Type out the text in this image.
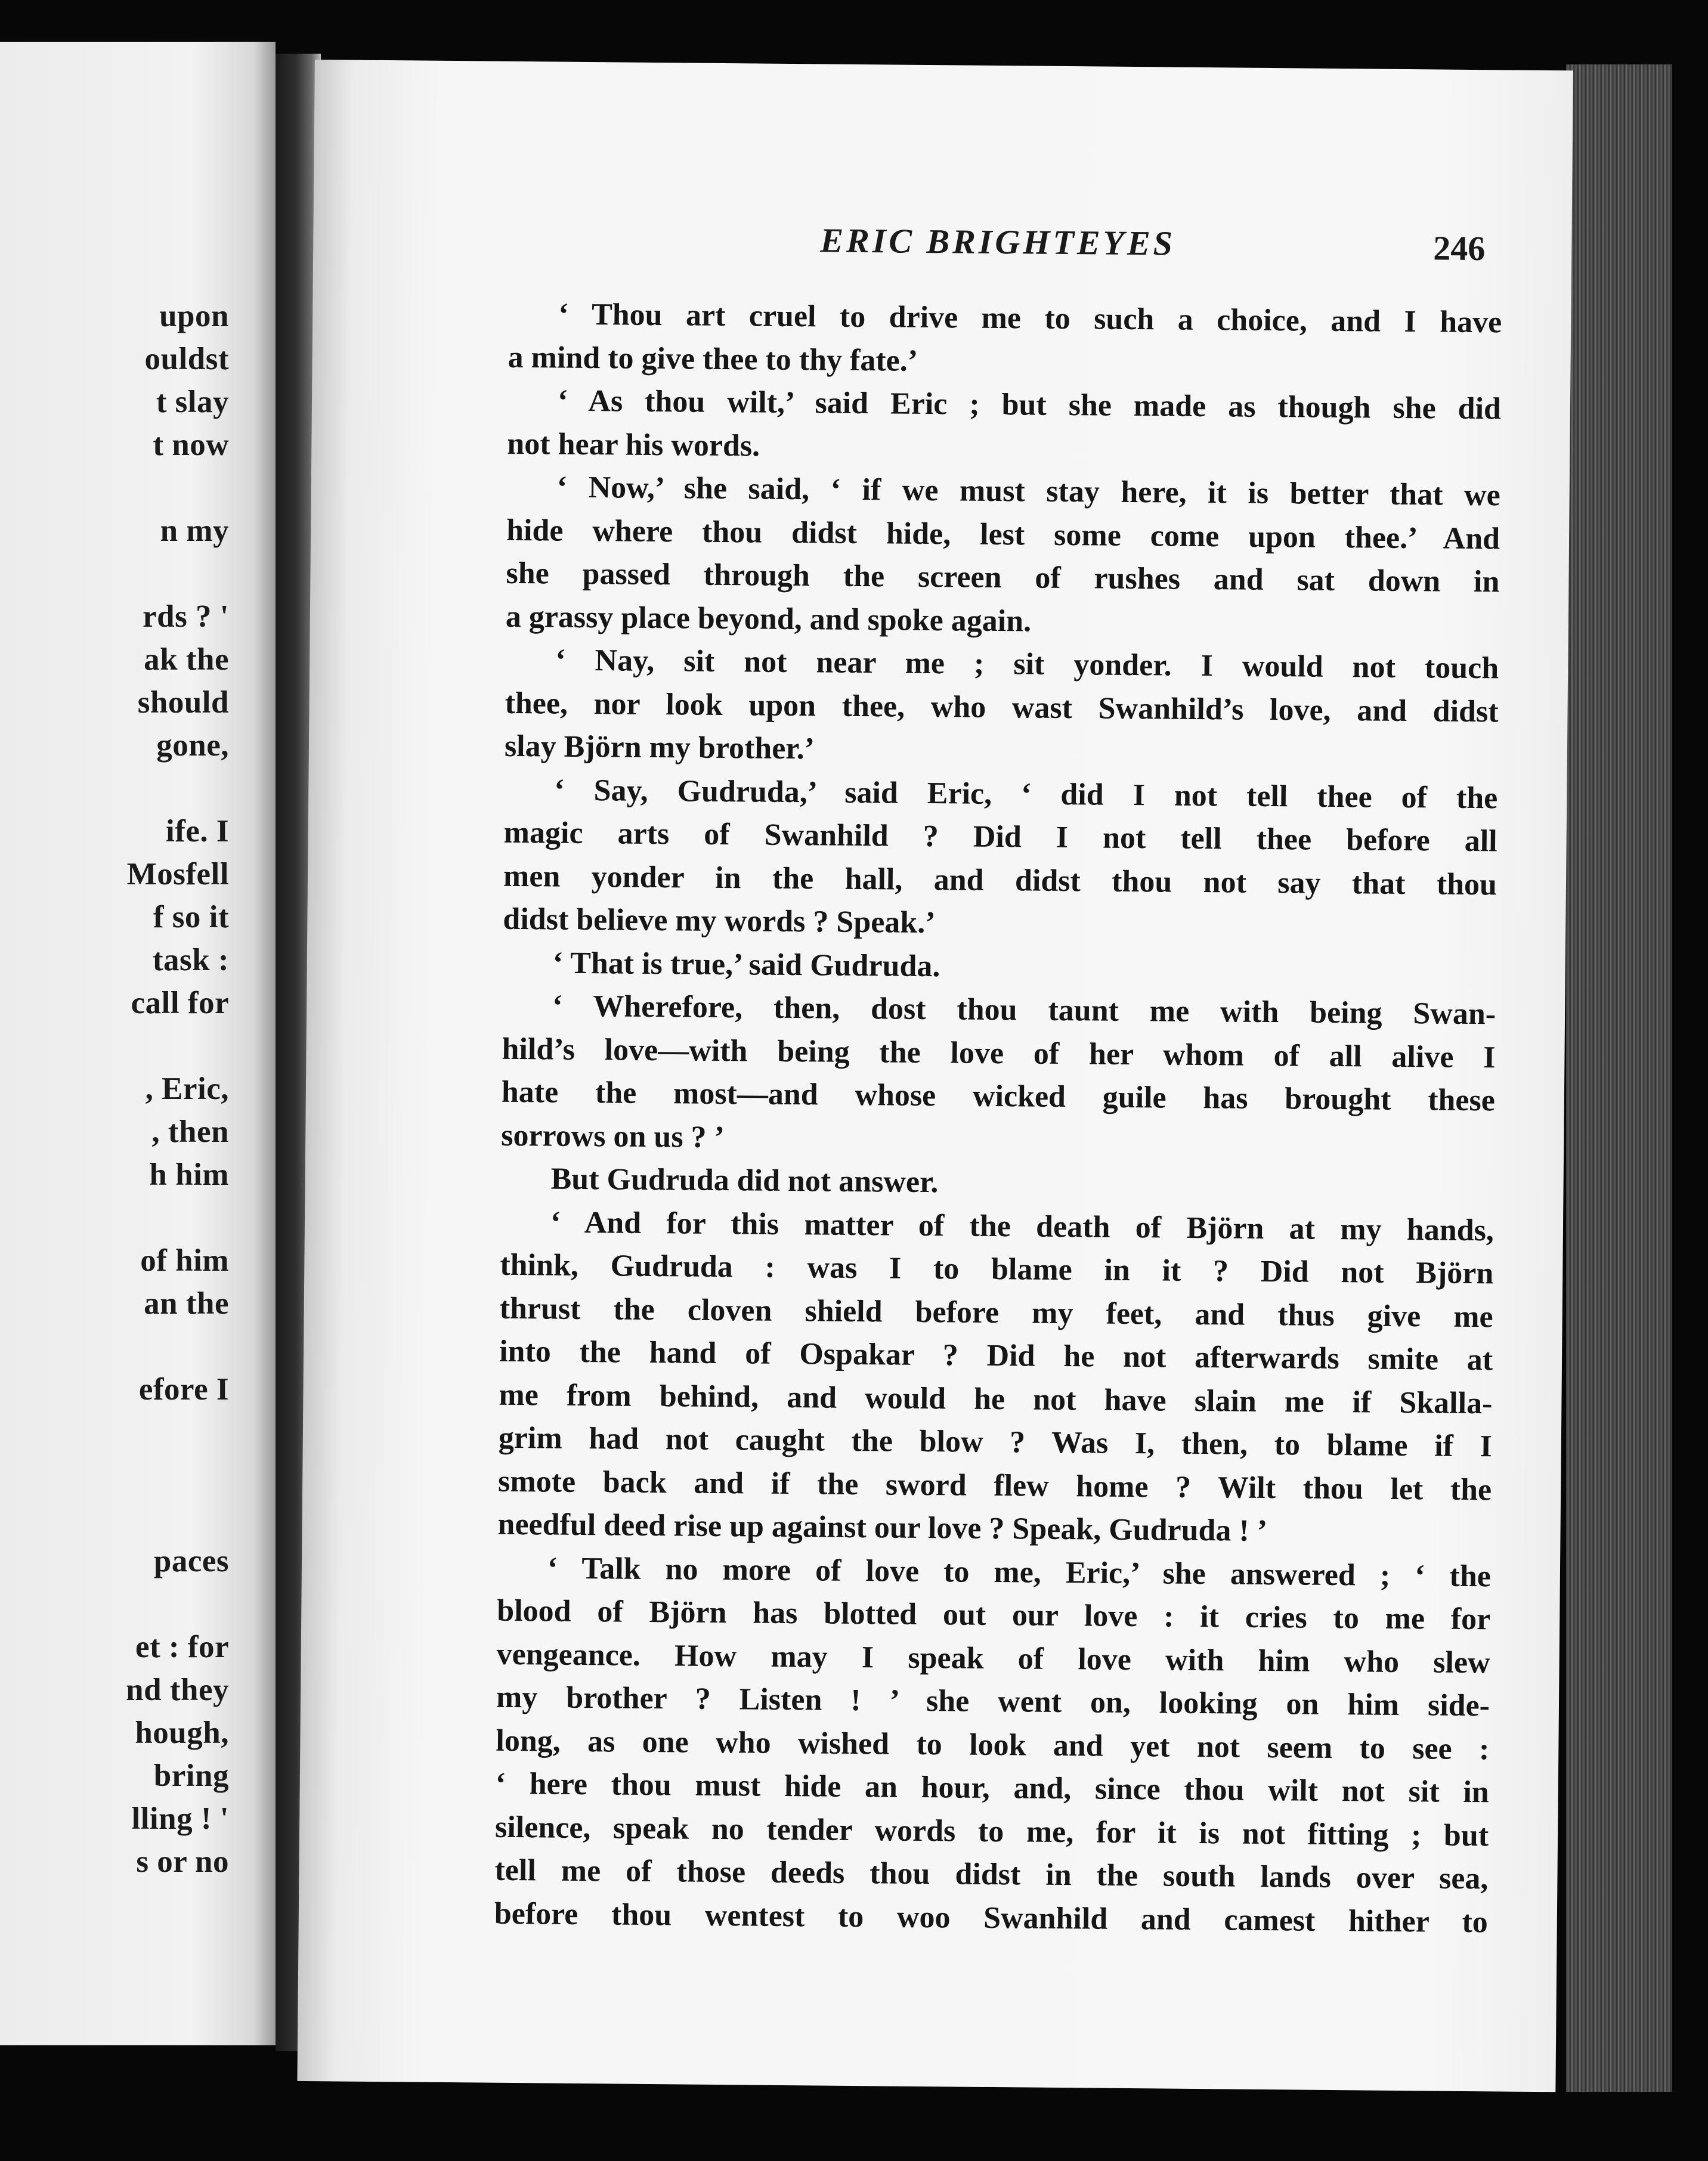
upon
ouldst
t slay
t now
n my
rds ? '
ak the
should
gone,
ife. I
Mosfell
f so it
task :
call for
, Eric,
, then
h him
of him
an the
efore I
paces
et : for
nd they
hough,
bring
lling ! '
s or no
ERIC BRIGHTEYES	246
‘ Thou art cruel to drive me to such a choice, and I have
a mind to give thee to thy fate.’
‘ As thou wilt,’ said Eric ; but she made as though she did
not hear his words.
‘ Now,’ she said, ‘ if we must stay here, it is better that we
hide where thou didst hide, lest some come upon thee.’ And
she passed through the screen of rushes and sat down in
a grassy place beyond, and spoke again.
‘ Nay, sit not near me ; sit yonder. I would not touch
thee, nor look upon thee, who wast Swanhild’s love, and didst
slay Björn my brother.’
‘ Say, Gudruda,’ said Eric, ‘ did I not tell thee of the
magic arts of Swanhild ? Did I not tell thee before all
men yonder in the hall, and didst thou not say that thou
didst believe my words ? Speak.’
‘ That is true,’ said Gudruda.
‘ Wherefore, then, dost thou taunt me with being Swan-
hild’s love—with being the love of her whom of all alive I
hate the most—and whose wicked guile has brought these
sorrows on us ? ’
But Gudruda did not answer.
‘ And for this matter of the death of Björn at my hands,
think, Gudruda : was I to blame in it ? Did not Björn
thrust the cloven shield before my feet, and thus give me
into the hand of Ospakar ? Did he not afterwards smite at
me from behind, and would he not have slain me if Skalla-
grim had not caught the blow ? Was I, then, to blame if I
smote back and if the sword flew home ? Wilt thou let the
needful deed rise up against our love ? Speak, Gudruda ! ’
‘ Talk no more of love to me, Eric,’ she answered ; ‘ the
blood of Björn has blotted out our love : it cries to me for
vengeance. How may I speak of love with him who slew
my brother ? Listen ! ’ she went on, looking on him side-
long, as one who wished to look and yet not seem to see :
‘ here thou must hide an hour, and, since thou wilt not sit in
silence, speak no tender words to me, for it is not fitting ; but
tell me of those deeds thou didst in the south lands over sea,
before thou wentest to woo Swanhild and camest hither to
